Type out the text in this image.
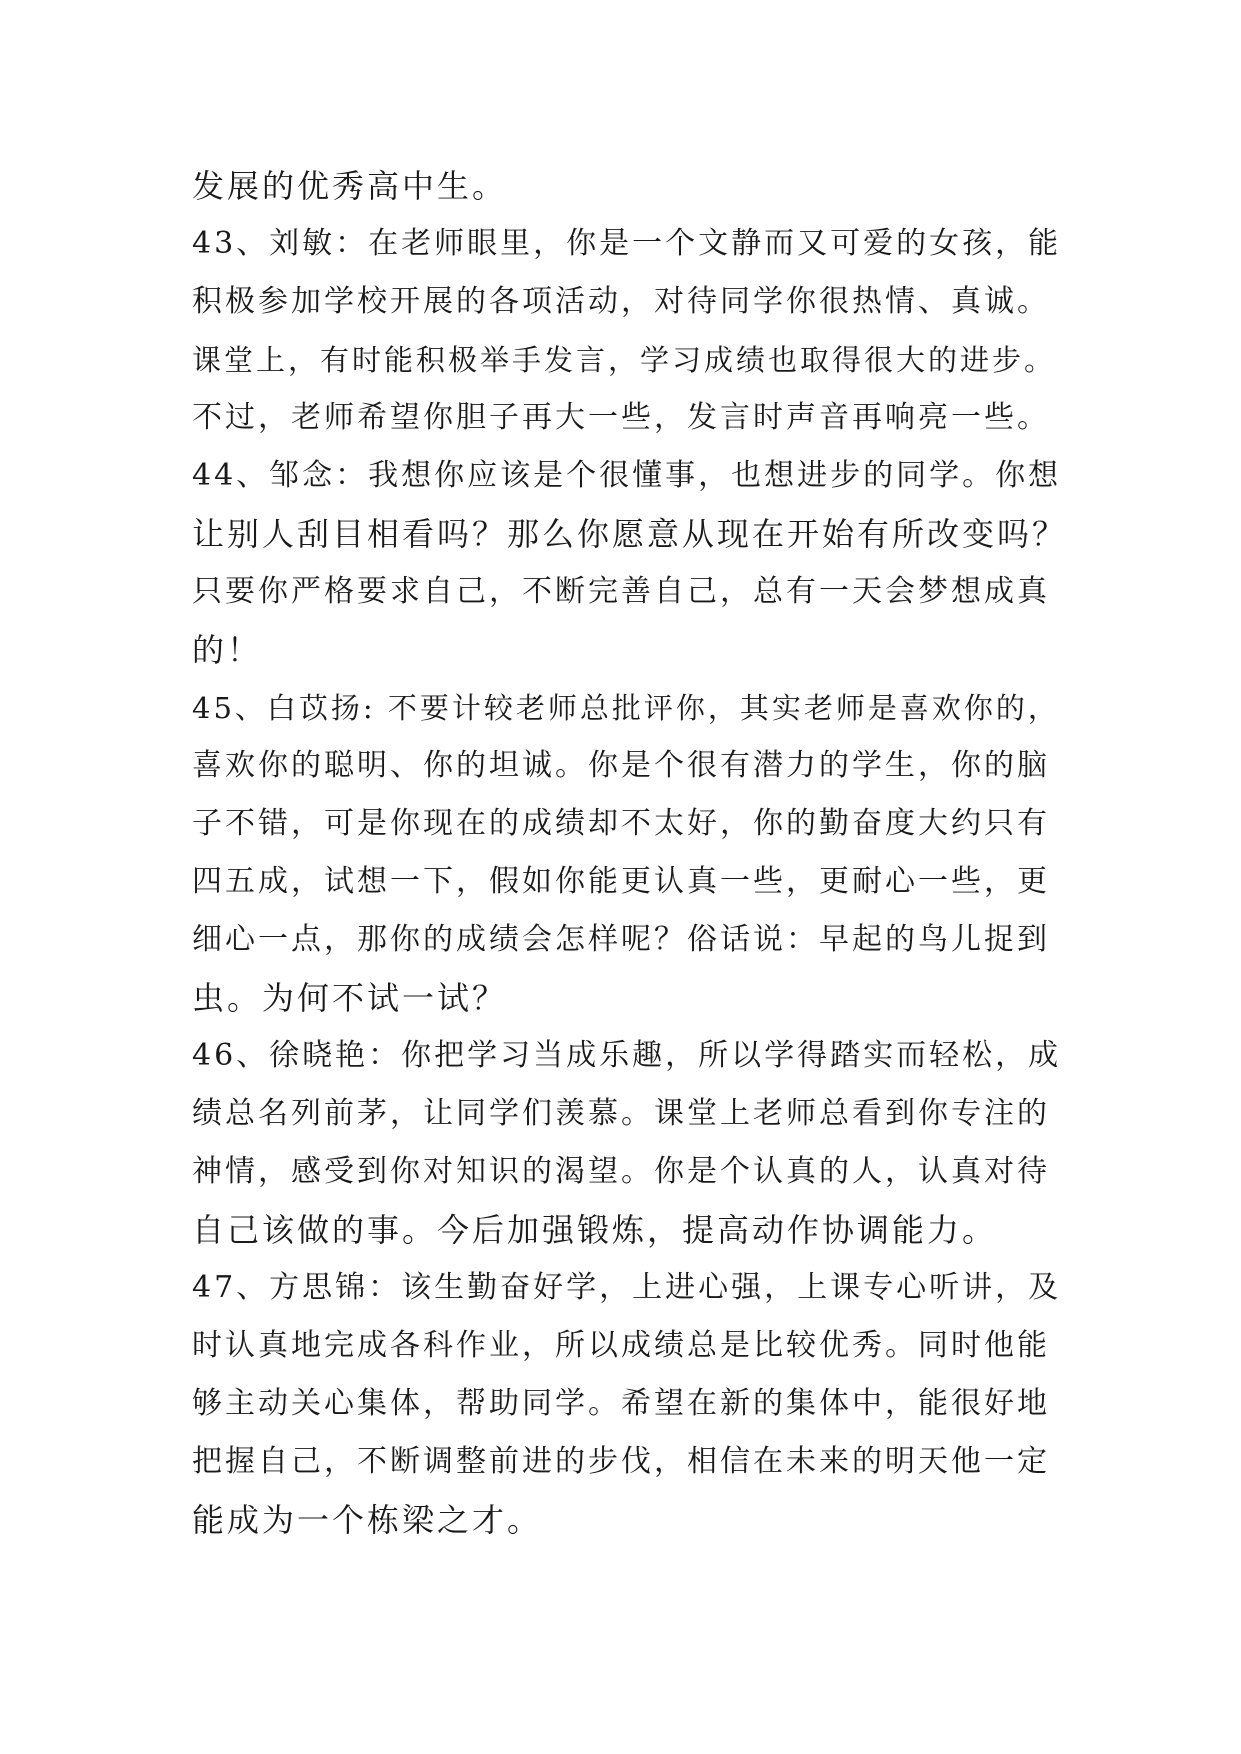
发展的优秀高中生。
43、刘敏：在老师眼里，你是一个文静而又可爱的女孩，能
积极参加学校开展的各项活动，对待同学你很热情、真诚。
课堂上，有时能积极举手发言，学习成绩也取得很大的进步。
不过，老师希望你胆子再大一些，发言时声音再响亮一些。
44、邹念：我想你应该是个很懂事，也想进步的同学。你想
让别人刮目相看吗？那么你愿意从现在开始有所改变吗？
只要你严格要求自己，不断完善自己，总有一天会梦想成真
的！
45、白苡扬: 不要计较老师总批评你，其实老师是喜欢你的，
喜欢你的聪明、你的坦诚。你是个很有潜力的学生，你的脑
子不错，可是你现在的成绩却不太好，你的勤奋度大约只有
四五成，试想一下，假如你能更认真一些，更耐心一些，更
细心一点，那你的成绩会怎样呢？俗话说：早起的鸟儿捉到
虫。为何不试一试？
46、徐晓艳：你把学习当成乐趣，所以学得踏实而轻松，成
绩总名列前茅，让同学们羡慕。课堂上老师总看到你专注的
神情，感受到你对知识的渴望。你是个认真的人，认真对待
自己该做的事。今后加强锻炼，提高动作协调能力。
47、方思锦：该生勤奋好学，上进心强，上课专心听讲，及
时认真地完成各科作业，所以成绩总是比较优秀。同时他能
够主动关心集体，帮助同学。希望在新的集体中，能很好地
把握自己，不断调整前进的步伐，相信在未来的明天他一定
能成为一个栋梁之才。
